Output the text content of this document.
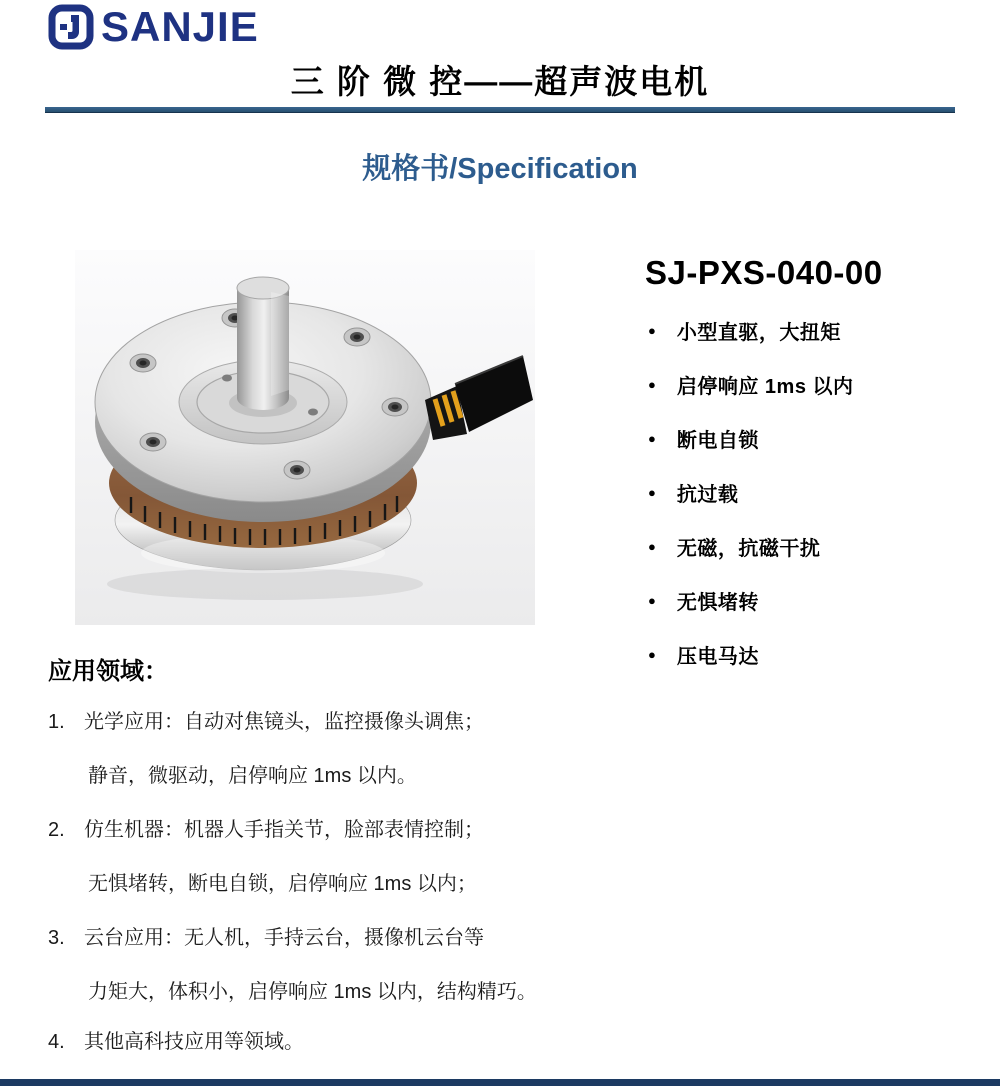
SANJIE
三 阶 微 控——超声波电机
规格书/Specification
SJ-PXS-040-00
● 小型直驱，大扭矩
● 启停响应 1ms 以内
● 断电自锁
● 抗过载
● 无磁，抗磁干扰
● 无惧堵转
● 压电马达
应用领域：
1. 光学应用：自动对焦镜头，监控摄像头调焦；
静音，微驱动，启停响应 1ms 以内。
2. 仿生机器：机器人手指关节，脸部表情控制；
无惧堵转，断电自锁，启停响应 1ms 以内；
3. 云台应用：无人机，手持云台，摄像机云台等
力矩大，体积小，启停响应 1ms 以内，结构精巧。
4. 其他高科技应用等领域。
